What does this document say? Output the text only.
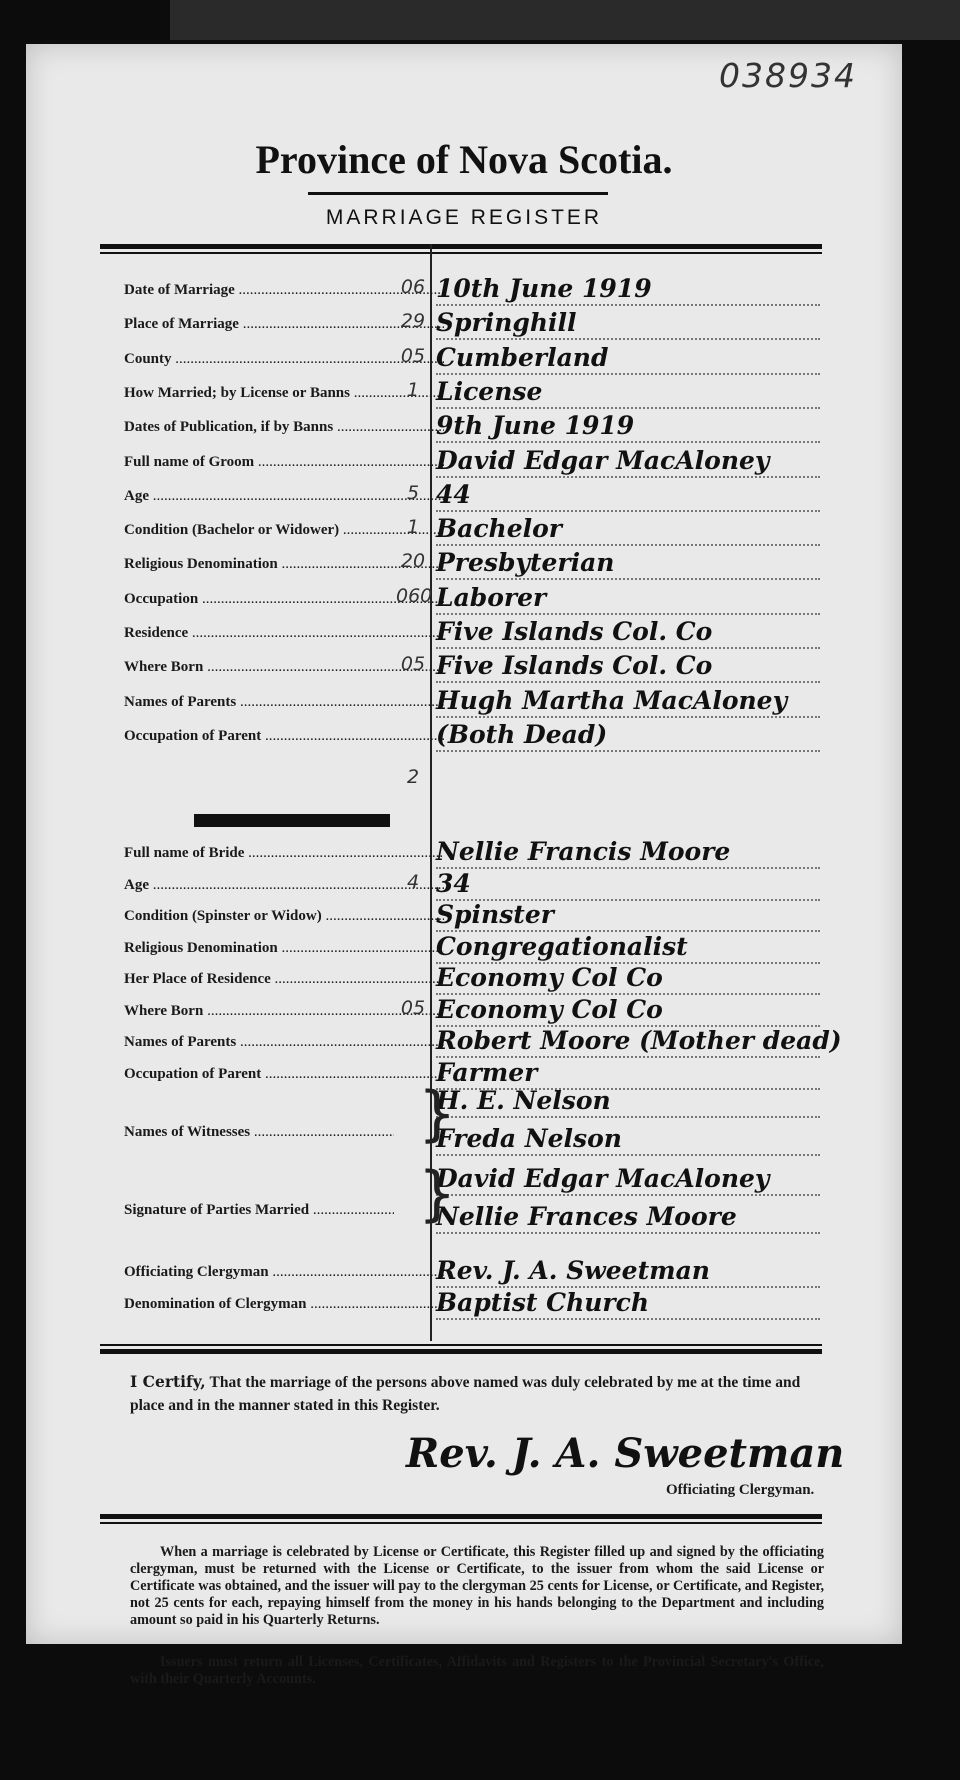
038934
Province of Nova Scotia.
MARRIAGE REGISTER
Date of Marriage .....	06 10th June 1919
Place of Marriage .....	29 Springhill
County .....	05 Cumberland
How Married; by License or Banns .....	1 License
Dates of Publication, if by Banns .....	9th June 1919
Full name of Groom .....	David Edgar MacAloney
Age .....	5 44
Condition (Bachelor or Widower) .....	1 Bachelor
Religious Denomination .....	20 Presbyterian
Occupation .....	060 Laborer
Residence .....	Five Islands Col. Co
Where Born .....	05 Five Islands Col. Co
Names of Parents .....	Hugh Martha MacAloney
Occupation of Parent .....	(Both Dead)
2
Full name of Bride .....	Nellie Francis Moore
Age .....	4 34
Condition (Spinster or Widow) .....	Spinster
Religious Denomination .....	Congregationalist
Her Place of Residence .....	Economy Col Co
Where Born .....	05 Economy Col Co
Names of Parents .....	Robert Moore (Mother dead)
Occupation of Parent .....	Farmer
Names of Witnesses .....
H. E. Nelson
Freda Nelson
}
Signature of Parties Married .....
David Edgar MacAloney
Nellie Frances Moore
}
Officiating Clergyman .....	Rev. J. A. Sweetman
Denomination of Clergyman .....	Baptist Church
I Certify, That the marriage of the persons above named was duly celebrated by me at the time and place and in the manner stated in this Register.
Rev. J. A. Sweetman
Officiating Clergyman.
When a marriage is celebrated by License or Certificate, this Register filled up and signed by the officiating clergyman, must be returned with the License or Certificate, to the issuer from whom the said License or Certificate was obtained, and the issuer will pay to the clergyman 25 cents for License, or Certificate, and Register, not 25 cents for each, repaying himself from the money in his hands belonging to the Department and including amount so paid in his Quarterly Returns.
Issuers must return all Licenses, Certificates, Affidavits and Registers to the Provincial Secretary's Office, with their Quarterly Accounts.
